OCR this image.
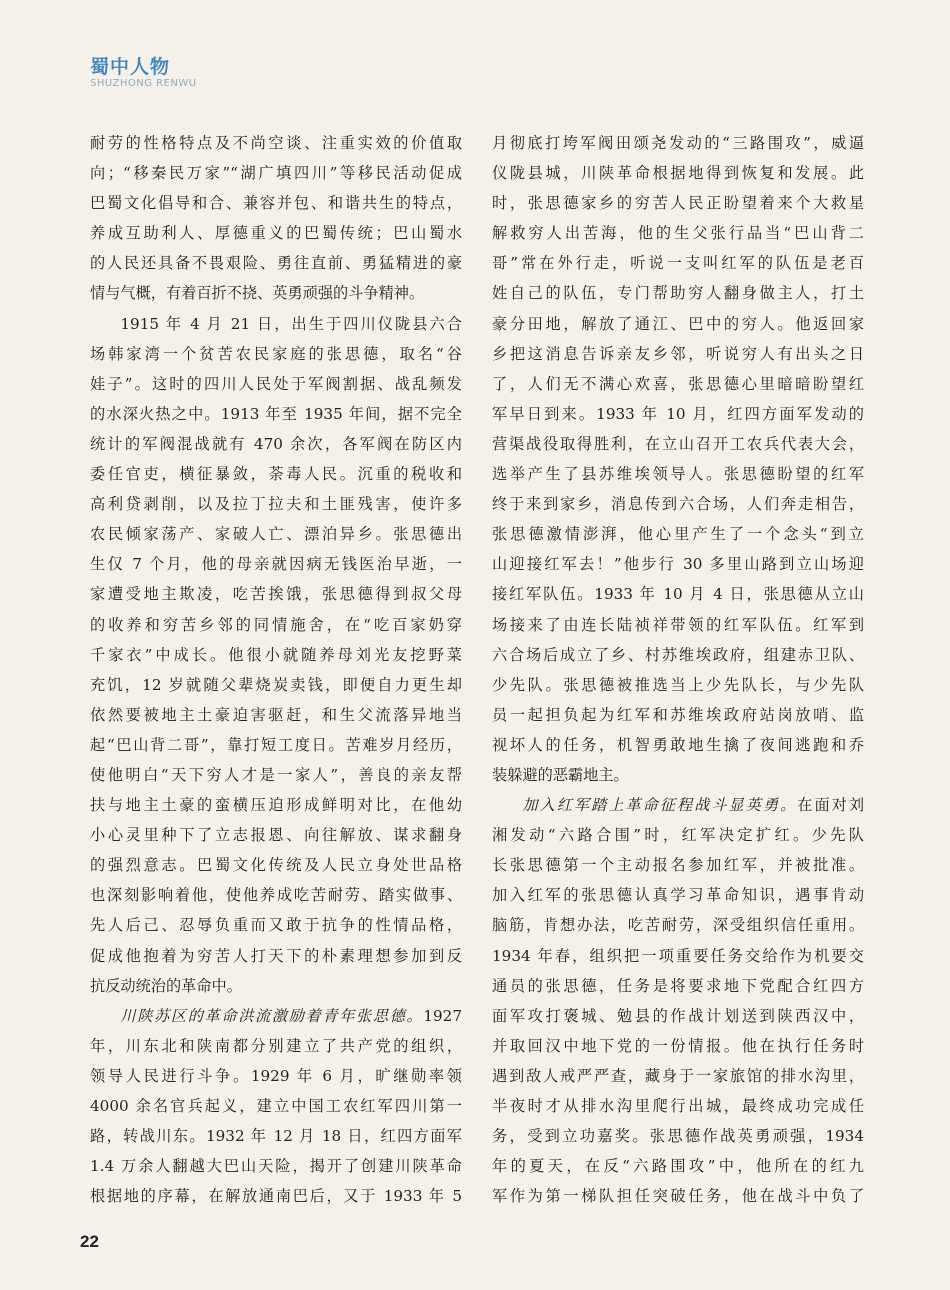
蜀中人物
SHUZHONG RENWU
耐劳的性格特点及不尚空谈、注重实效的价值取
向；“移秦民万家”“湖广填四川”等移民活动促成
巴蜀文化倡导和合、兼容并包、和谐共生的特点，
养成互助利人、厚德重义的巴蜀传统；巴山蜀水
的人民还具备不畏艰险、勇往直前、勇猛精进的豪
情与气概，有着百折不挠、英勇顽强的斗争精神。
1915 年 4 月 21 日，出生于四川仪陇县六合
场韩家湾一个贫苦农民家庭的张思德，取名“谷
娃子”。这时的四川人民处于军阀割据、战乱频发
的水深火热之中。1913 年至 1935 年间，据不完全
统计的军阀混战就有 470 余次，各军阀在防区内
委任官吏，横征暴敛，荼毒人民。沉重的税收和
高利贷剥削，以及拉丁拉夫和土匪残害，使许多
农民倾家荡产、家破人亡、漂泊异乡。张思德出
生仅 7 个月，他的母亲就因病无钱医治早逝，一
家遭受地主欺凌，吃苦挨饿，张思德得到叔父母
的收养和穷苦乡邻的同情施舍，在“吃百家奶穿
千家衣”中成长。他很小就随养母刘光友挖野菜
充饥，12 岁就随父辈烧炭卖钱，即便自力更生却
依然要被地主土豪迫害驱赶，和生父流落异地当
起“巴山背二哥”，靠打短工度日。苦难岁月经历，
使他明白“天下穷人才是一家人”，善良的亲友帮
扶与地主土豪的蛮横压迫形成鲜明对比，在他幼
小心灵里种下了立志报恩、向往解放、谋求翻身
的强烈意志。巴蜀文化传统及人民立身处世品格
也深刻影响着他，使他养成吃苦耐劳、踏实做事、
先人后己、忍辱负重而又敢于抗争的性情品格，
促成他抱着为穷苦人打天下的朴素理想参加到反
抗反动统治的革命中。
川陕苏区的革命洪流激励着青年张思德。1927
年，川东北和陕南都分别建立了共产党的组织，
领导人民进行斗争。1929 年 6 月，旷继勋率领
4000 余名官兵起义，建立中国工农红军四川第一
路，转战川东。1932 年 12 月 18 日，红四方面军
1.4 万余人翻越大巴山天险，揭开了创建川陕革命
根据地的序幕，在解放通南巴后，又于 1933 年 5
月彻底打垮军阀田颂尧发动的“三路围攻”，威逼
仪陇县城，川陕革命根据地得到恢复和发展。此
时，张思德家乡的穷苦人民正盼望着来个大救星
解救穷人出苦海，他的生父张行品当“巴山背二
哥”常在外行走，听说一支叫红军的队伍是老百
姓自己的队伍，专门帮助穷人翻身做主人，打土
豪分田地，解放了通江、巴中的穷人。他返回家
乡把这消息告诉亲友乡邻，听说穷人有出头之日
了，人们无不满心欢喜，张思德心里暗暗盼望红
军早日到来。1933 年 10 月，红四方面军发动的
营渠战役取得胜利，在立山召开工农兵代表大会，
选举产生了县苏维埃领导人。张思德盼望的红军
终于来到家乡，消息传到六合场，人们奔走相告，
张思德激情澎湃，他心里产生了一个念头“到立
山迎接红军去！”他步行 30 多里山路到立山场迎
接红军队伍。1933 年 10 月 4 日，张思德从立山
场接来了由连长陆祯祥带领的红军队伍。红军到
六合场后成立了乡、村苏维埃政府，组建赤卫队、
少先队。张思德被推选当上少先队长，与少先队
员一起担负起为红军和苏维埃政府站岗放哨、监
视坏人的任务，机智勇敢地生擒了夜间逃跑和乔
装躲避的恶霸地主。
加入红军踏上革命征程战斗显英勇。在面对刘
湘发动“六路合围”时，红军决定扩红。少先队
长张思德第一个主动报名参加红军，并被批准。
加入红军的张思德认真学习革命知识，遇事肯动
脑筋，肯想办法，吃苦耐劳，深受组织信任重用。
1934 年春，组织把一项重要任务交给作为机要交
通员的张思德，任务是将要求地下党配合红四方
面军攻打褒城、勉县的作战计划送到陕西汉中，
并取回汉中地下党的一份情报。他在执行任务时
遇到敌人戒严严查，藏身于一家旅馆的排水沟里，
半夜时才从排水沟里爬行出城，最终成功完成任
务，受到立功嘉奖。张思德作战英勇顽强，1934
年的夏天，在反“六路围攻”中，他所在的红九
军作为第一梯队担任突破任务，他在战斗中负了
22
